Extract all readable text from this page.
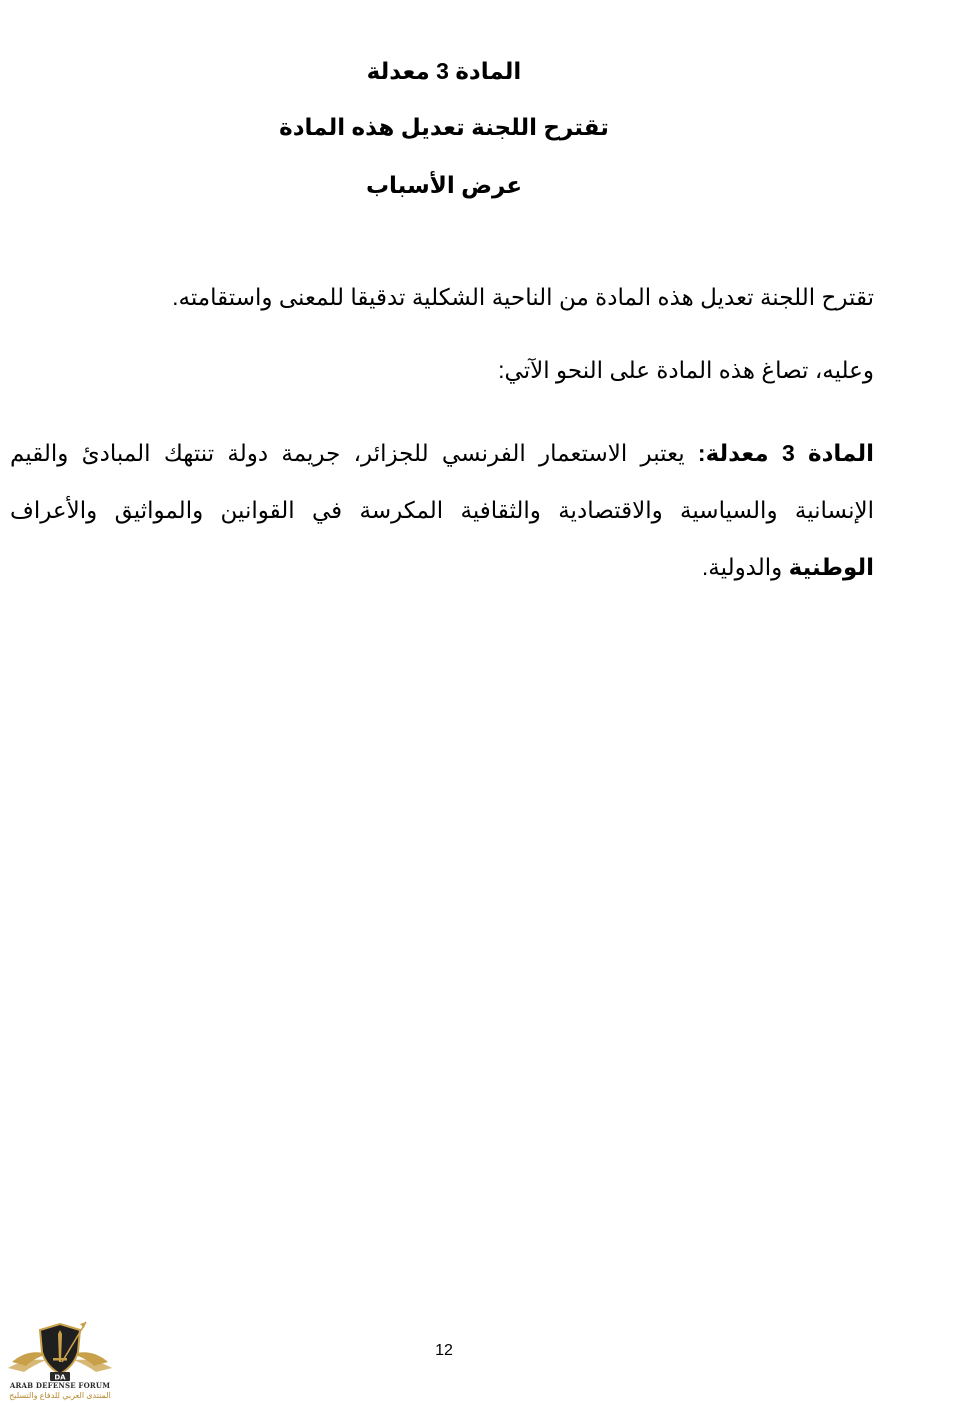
المادة 3 معدلة
تقترح اللجنة تعديل هذه المادة
عرض الأسباب
تقترح اللجنة تعديل هذه المادة من الناحية الشكلية تدقيقا للمعنى واستقامته.
وعليه، تصاغ هذه المادة على النحو الآتي:
المادة 3 معدلة: يعتبر الاستعمار الفرنسي للجزائر، جريمة دولة تنتهك المبادئ والقيم الإنسانية والسياسية والاقتصادية والثقافية المكرسة في القوانين والمواثيق والأعراف الوطنية والدولية.
12
DA
ARAB DEFENSE FORUM
المنتدى العربي للدفاع والتسليح
